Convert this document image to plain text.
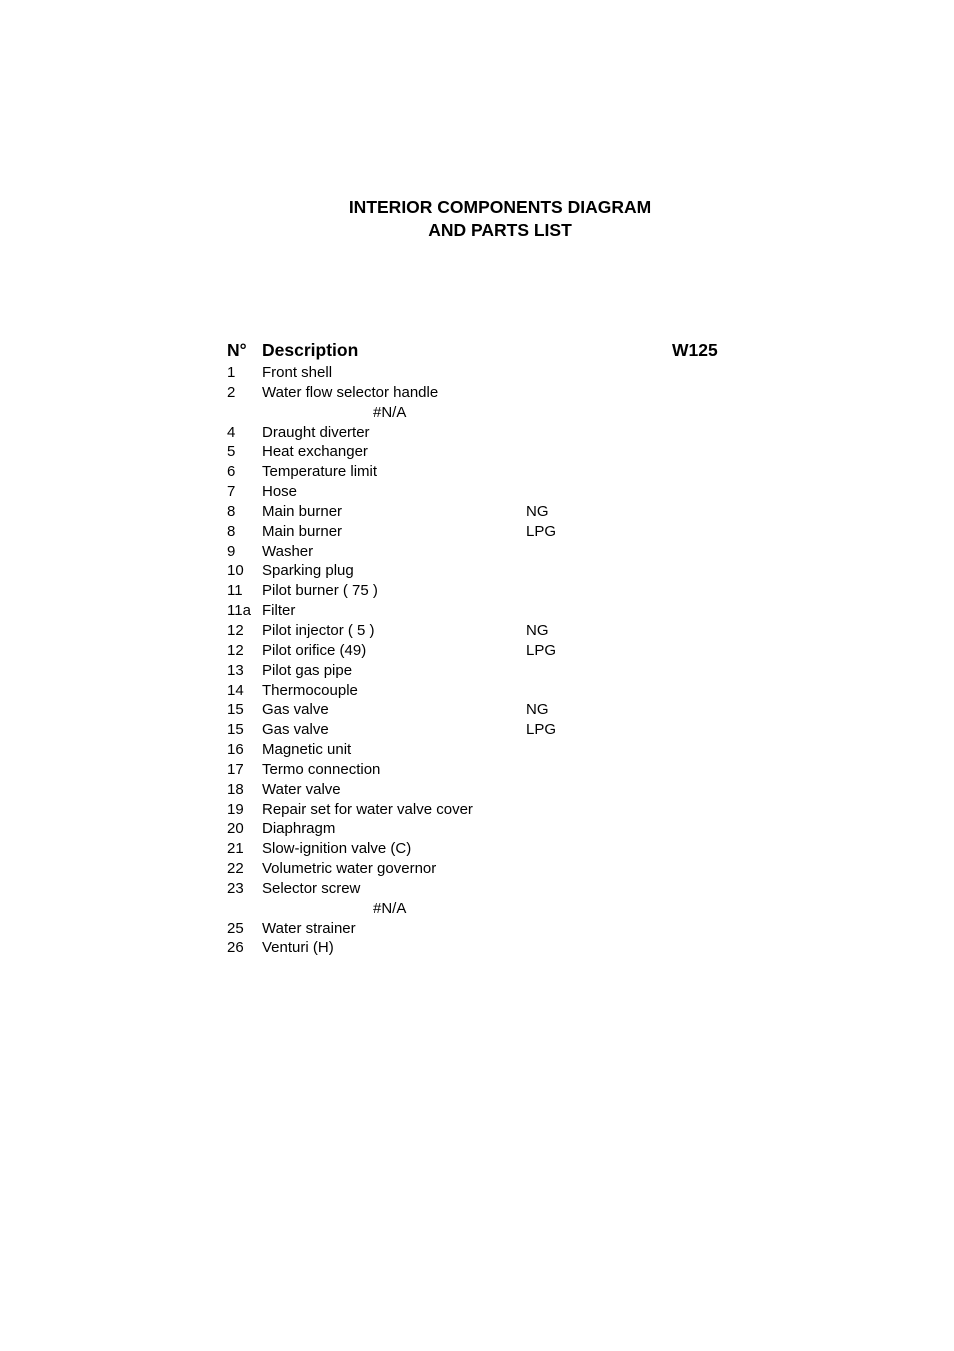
INTERIOR COMPONENTS DIAGRAM
AND PARTS LIST
N° Description	W125
1 Front shell
2 Water flow selector handle
#N/A
4 Draught diverter
5 Heat exchanger
6 Temperature limit
7 Hose
8 Main burner	NG
8 Main burner	LPG
9 Washer
10 Sparking plug
11 Pilot burner ( 75 )
11a Filter
12 Pilot injector ( 5 )	NG
12 Pilot orifice (49)	LPG
13 Pilot gas pipe
14 Thermocouple
15 Gas valve	NG
15 Gas valve	LPG
16 Magnetic unit
17 Termo connection
18 Water valve
19 Repair set for water valve cover
20 Diaphragm
21 Slow-ignition valve (C)
22 Volumetric water governor
23 Selector screw
#N/A
25 Water strainer
26 Venturi (H)
